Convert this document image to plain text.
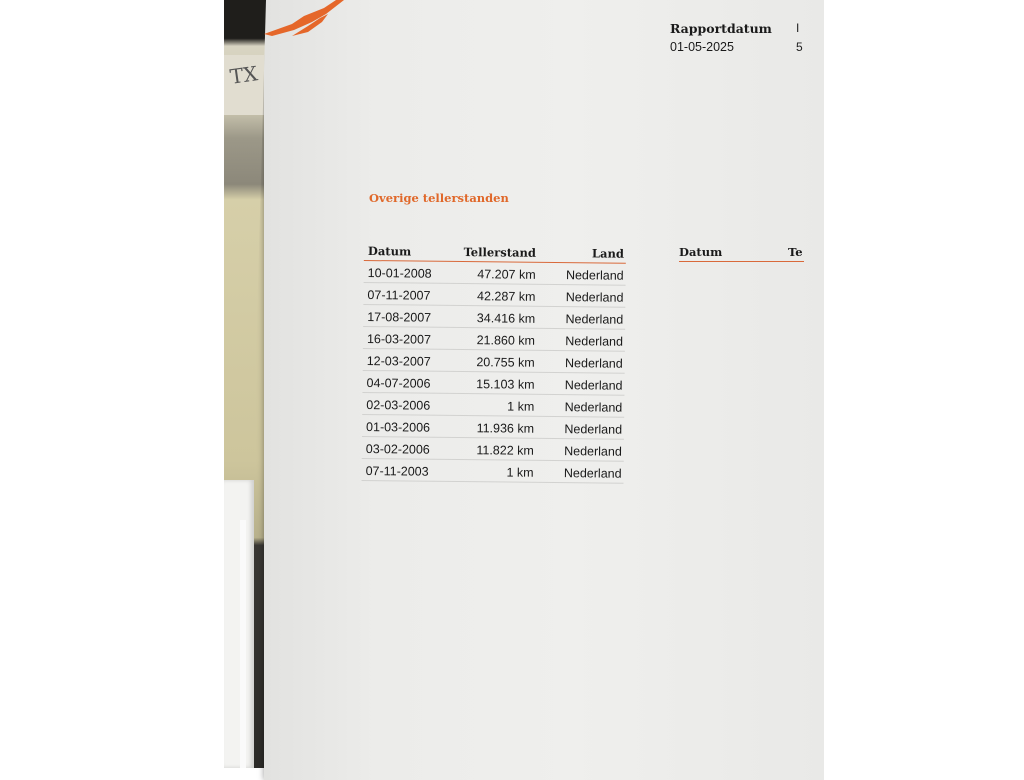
TX
Rapportdatum
01-05-2025
I
5
Overige tellerstanden
Datum	Tellerstand	Land
10-01-2008	47.207 km Nederland
07-11-2007	42.287 km Nederland
17-08-2007	34.416 km Nederland
16-03-2007	21.860 km Nederland
12-03-2007	20.755 km Nederland
04-07-2006	15.103 km Nederland
02-03-2006	1 km Nederland
01-03-2006	11.936 km Nederland
03-02-2006	11.822 km Nederland
07-11-2003	1 km Nederland
Datum	Te
